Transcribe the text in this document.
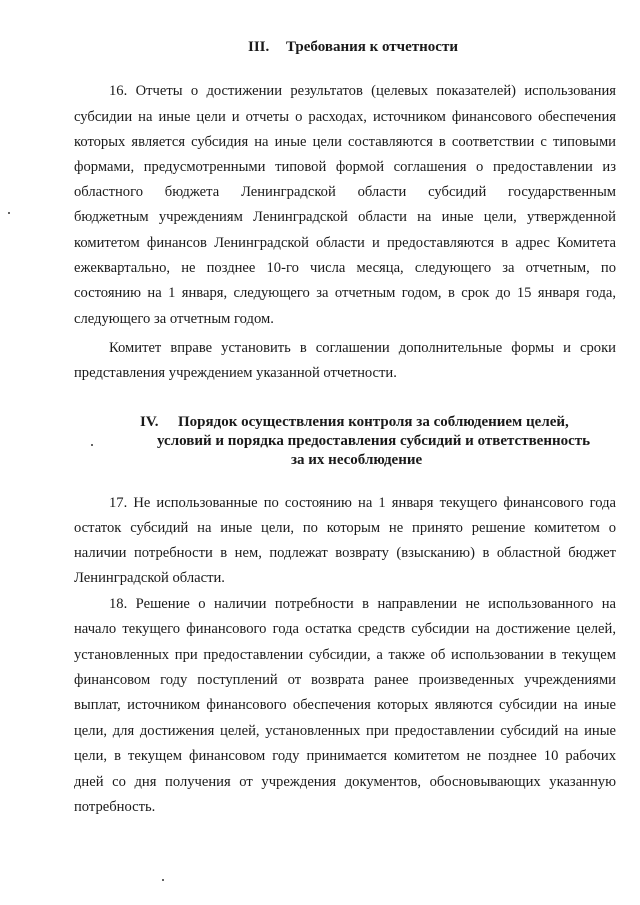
III. Требования к отчетности
16. Отчеты о достижении результатов (целевых показателей) использования
субсидии на иные цели и отчеты о расходах, источником финансового обеспечения
которых является субсидия на иные цели составляются в соответствии с типовыми
формами, предусмотренными типовой формой соглашения о предоставлении из
областного бюджета Ленинградской области субсидий государственным
бюджетным учреждениям Ленинградской области на иные цели, утвержденной
комитетом финансов Ленинградской области и предоставляются в адрес Комитета
ежеквартально, не позднее 10-го числа месяца, следующего за отчетным, по
состоянию на 1 января, следующего за отчетным годом, в срок до 15 января года,
следующего за отчетным годом.
Комитет вправе установить в соглашении дополнительные формы и сроки
представления учреждением указанной отчетности.
IV. Порядок осуществления контроля за соблюдением целей,
условий и порядка предоставления субсидий и ответственность
за их несоблюдение
17. Не использованные по состоянию на 1 января текущего финансового года
остаток субсидий на иные цели, по которым не принято решение комитетом о
наличии потребности в нем, подлежат возврату (взысканию) в областной бюджет
Ленинградской области.
18. Решение о наличии потребности в направлении не использованного на
начало текущего финансового года остатка средств субсидии на достижение целей,
установленных при предоставлении субсидии, а также об использовании в текущем
финансовом году поступлений от возврата ранее произведенных учреждениями
выплат, источником финансового обеспечения которых являются субсидии на иные
цели, для достижения целей, установленных при предоставлении субсидий на иные
цели, в текущем финансовом году принимается комитетом не позднее 10 рабочих
дней со дня получения от учреждения документов, обосновывающих указанную
потребность.
